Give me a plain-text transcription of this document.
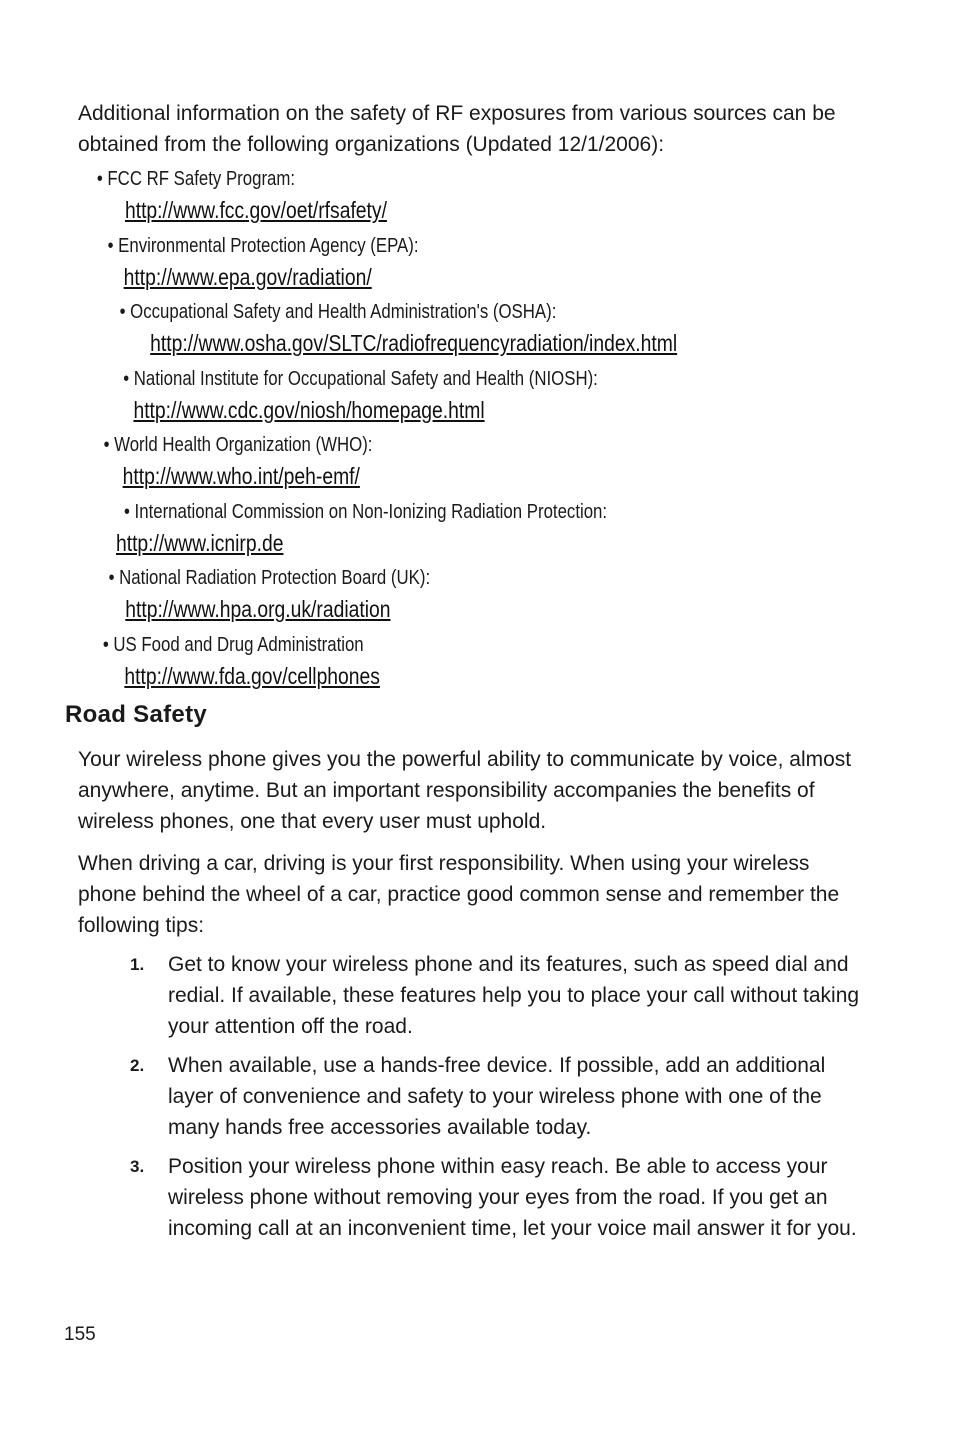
Additional information on the safety of RF exposures from various sources can be obtained from the following organizations (Updated 12/1/2006):
• FCC RF Safety Program:
http://www.fcc.gov/oet/rfsafety/
• Environmental Protection Agency (EPA):
http://www.epa.gov/radiation/
• Occupational Safety and Health Administration's (OSHA):
http://www.osha.gov/SLTC/radiofrequencyradiation/index.html
• National Institute for Occupational Safety and Health (NIOSH):
http://www.cdc.gov/niosh/homepage.html
• World Health Organization (WHO):
http://www.who.int/peh-emf/
• International Commission on Non-Ionizing Radiation Protection:
http://www.icnirp.de
• National Radiation Protection Board (UK):
http://www.hpa.org.uk/radiation
• US Food and Drug Administration
http://www.fda.gov/cellphones
Road Safety
Your wireless phone gives you the powerful ability to communicate by voice, almost anywhere, anytime. But an important responsibility accompanies the benefits of wireless phones, one that every user must uphold.
When driving a car, driving is your first responsibility. When using your wireless phone behind the wheel of a car, practice good common sense and remember the following tips:
1. Get to know your wireless phone and its features, such as speed dial and redial. If available, these features help you to place your call without taking your attention off the road.
2. When available, use a hands-free device. If possible, add an additional layer of convenience and safety to your wireless phone with one of the many hands free accessories available today.
3. Position your wireless phone within easy reach. Be able to access your wireless phone without removing your eyes from the road. If you get an incoming call at an inconvenient time, let your voice mail answer it for you.
155
